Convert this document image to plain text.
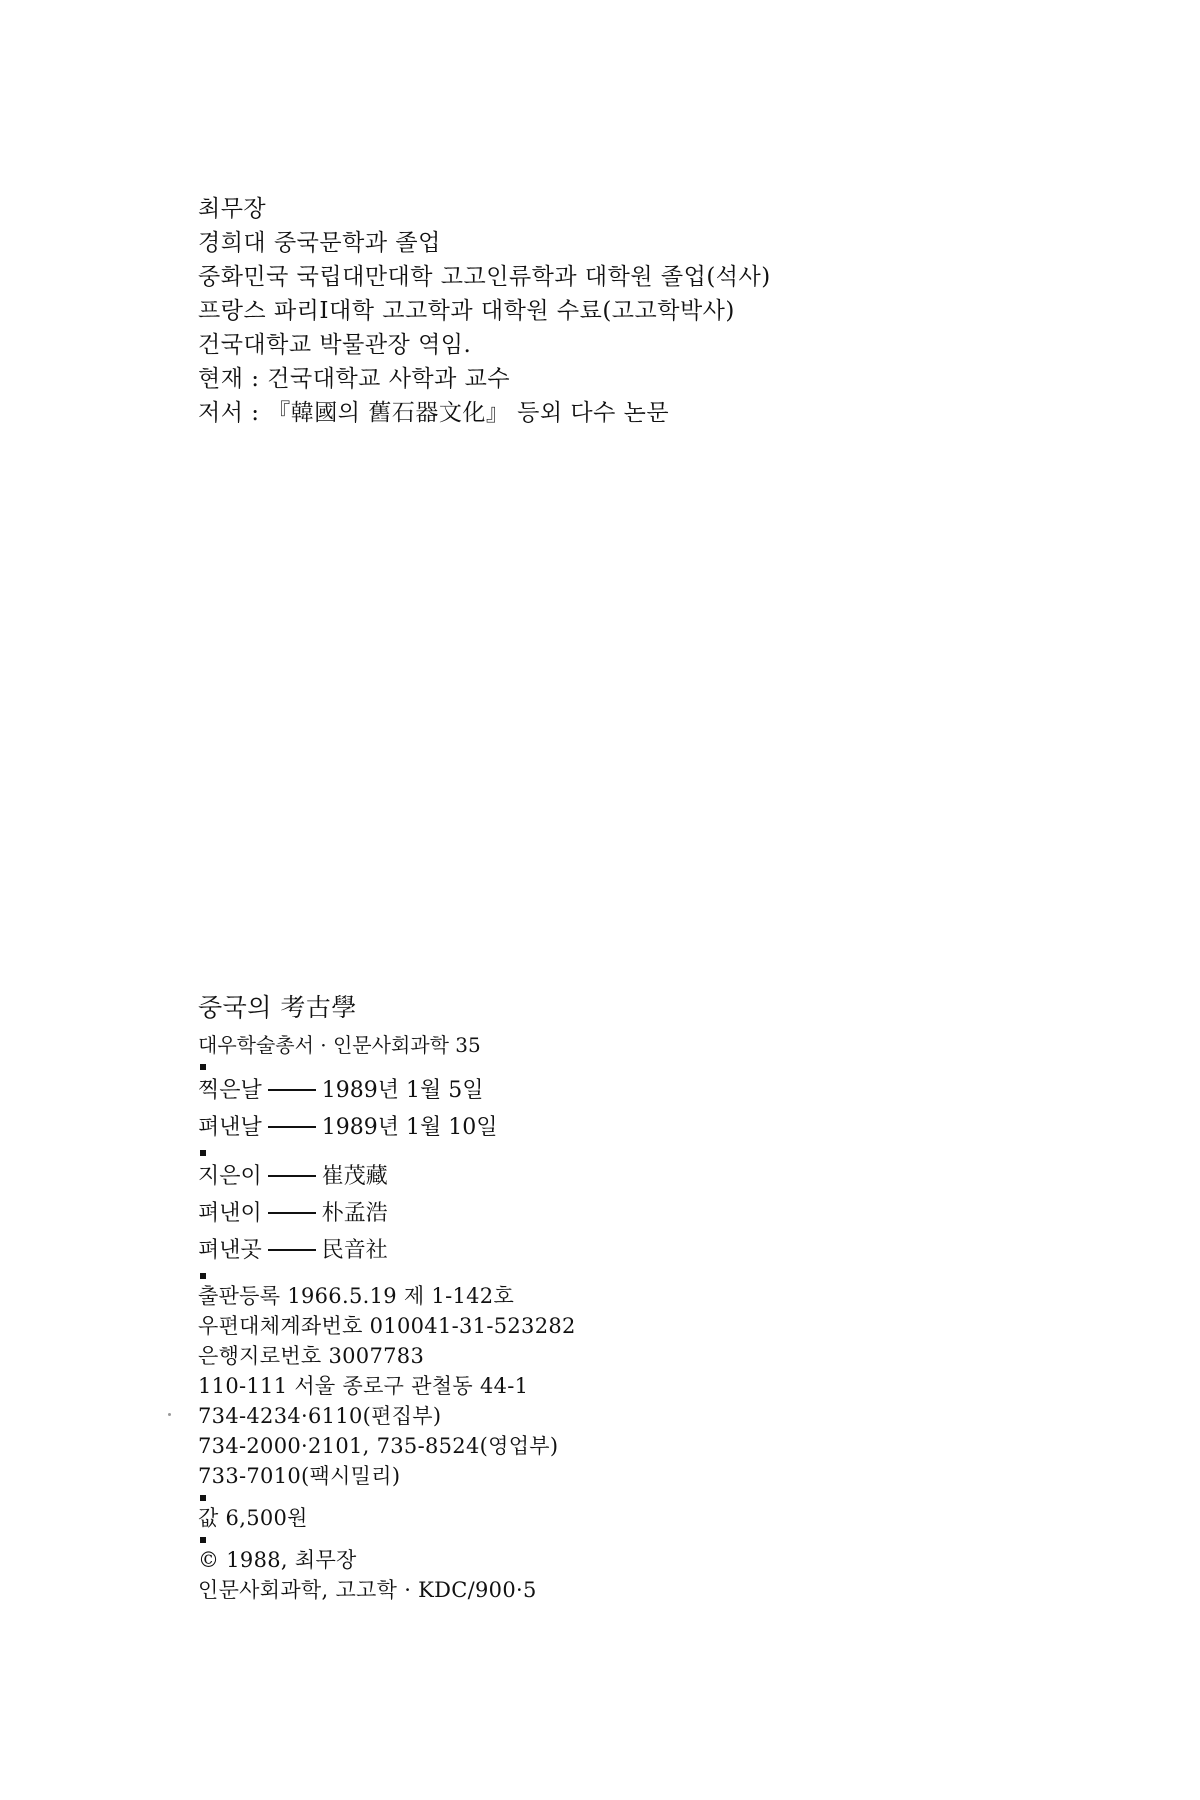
최무장
경희대 중국문학과 졸업
중화민국 국립대만대학 고고인류학과 대학원 졸업(석사)
프랑스 파리I대학 고고학과 대학원 수료(고고학박사)
건국대학교 박물관장 역임.
현재 : 건국대학교 사학과 교수
저서 : 『韓國의 舊石器文化』 등외 다수 논문
중국의 考古學
대우학술총서 · 인문사회과학 35
찍은날	1989년 1월 5일
펴낸날	1989년 1월 10일
지은이	崔茂藏
펴낸이	朴孟浩
펴낸곳	民音社
출판등록 1966.5.19 제 1-142호
우편대체계좌번호 010041-31-523282
은행지로번호 3007783
110-111 서울 종로구 관철동 44-1
734-4234·6110(편집부)
734-2000·2101, 735-8524(영업부)
733-7010(팩시밀리)
값 6,500원
© 1988, 최무장
인문사회과학, 고고학 · KDC/900·5
